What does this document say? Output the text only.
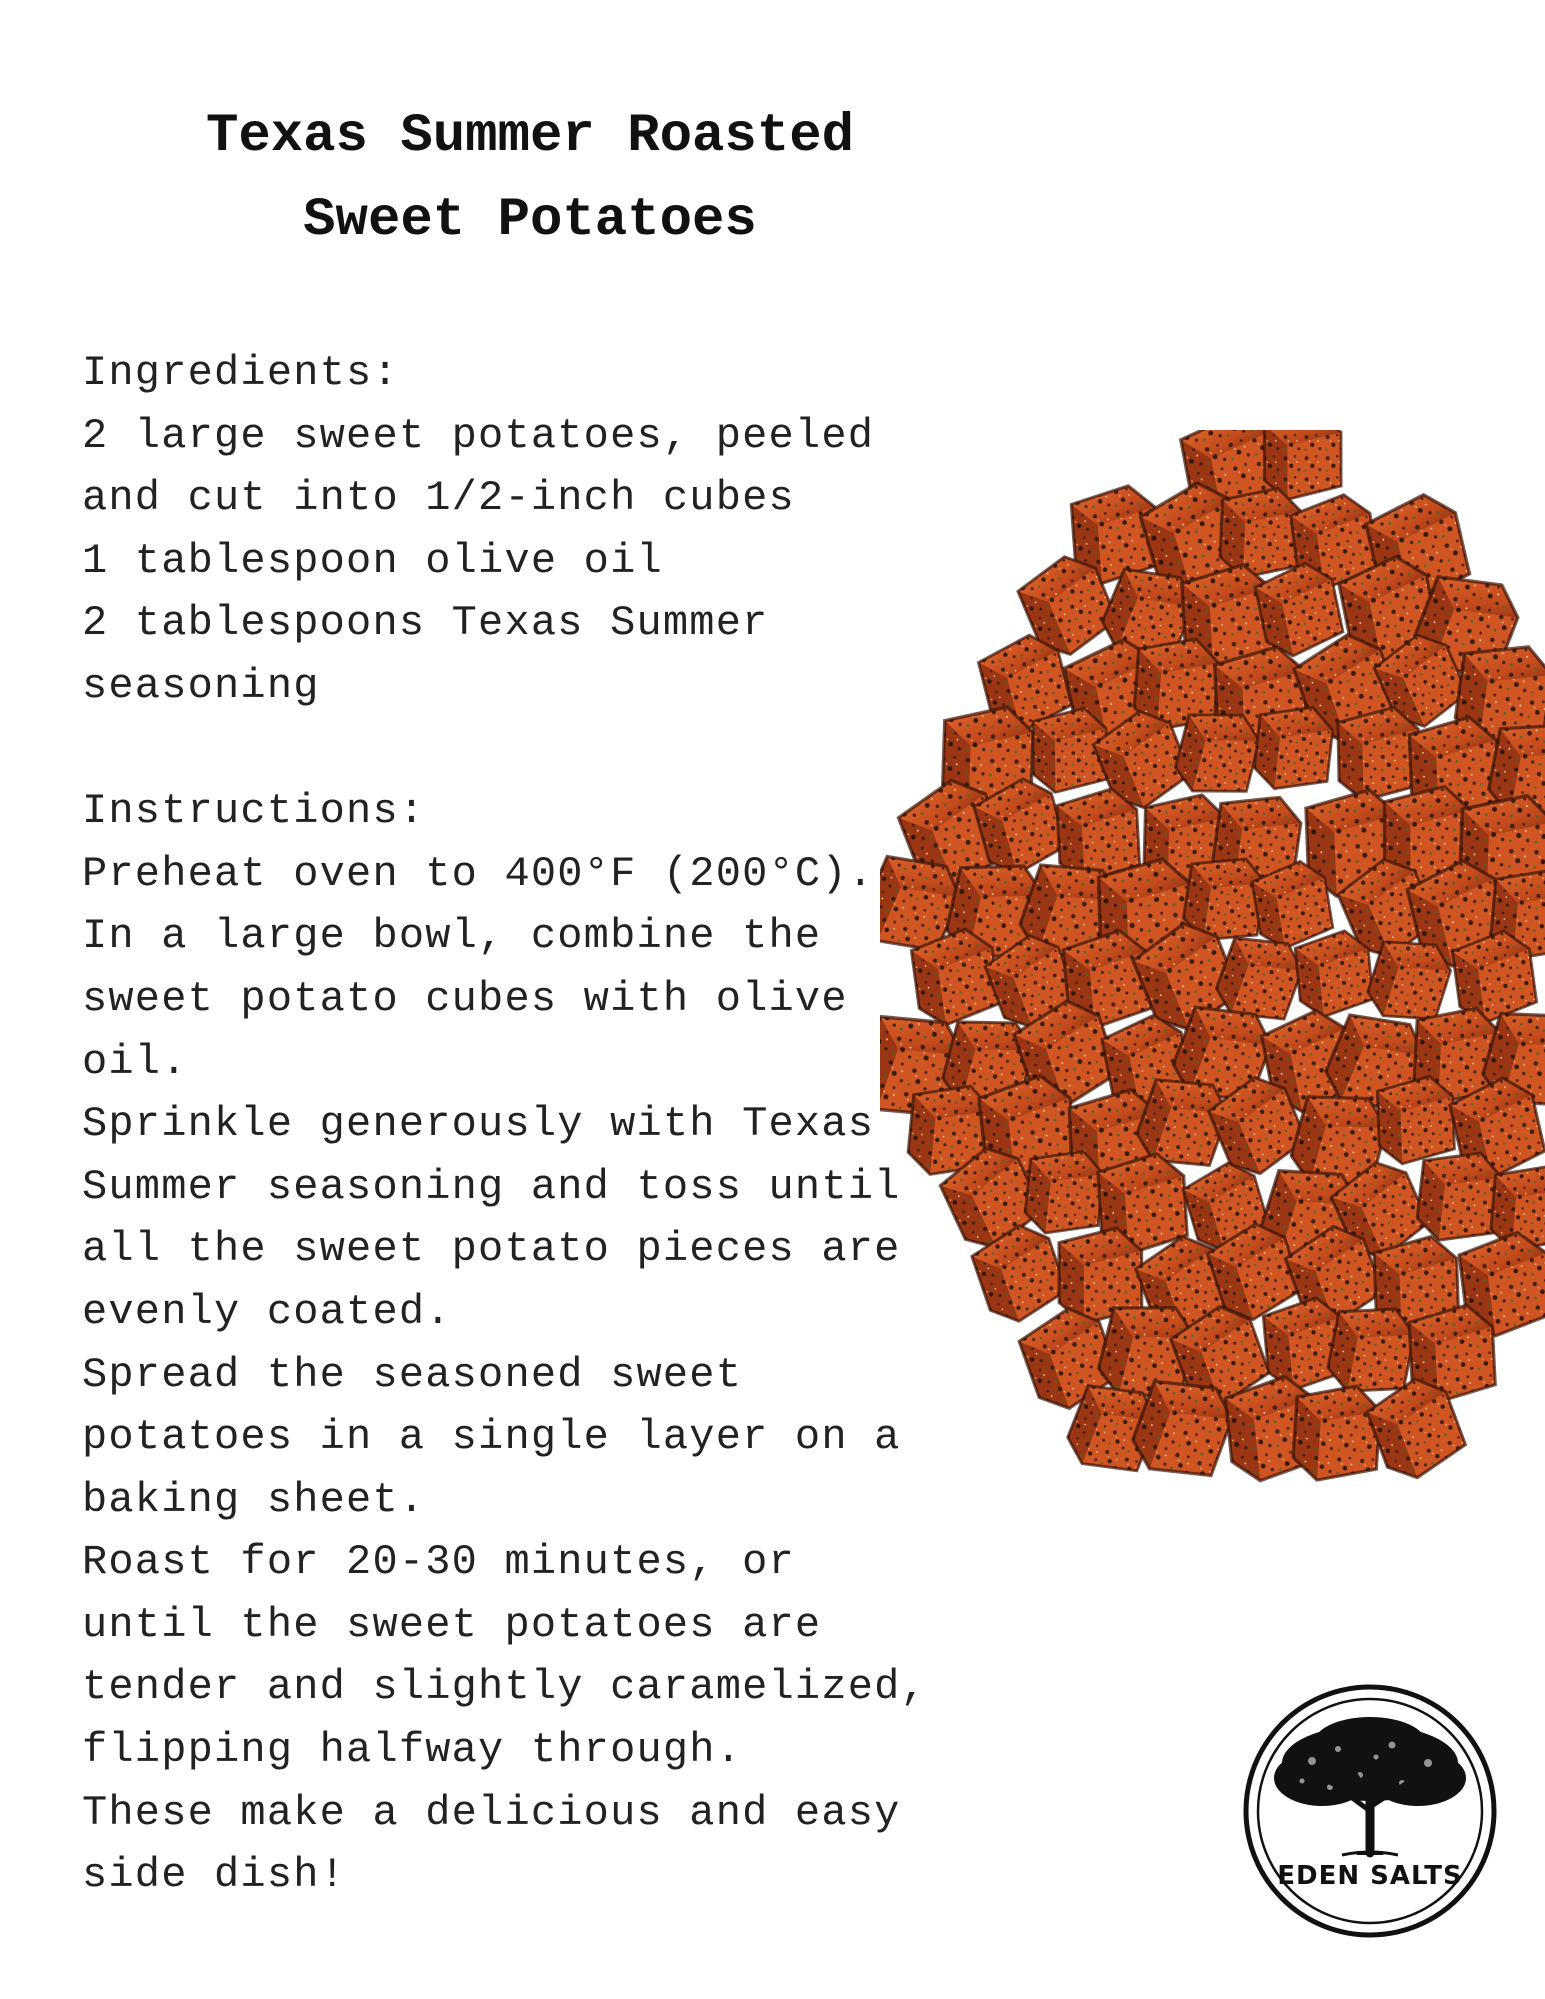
Texas Summer Roasted
Sweet Potatoes
Ingredients:
2 large sweet potatoes, peeled
and cut into 1/2-inch cubes
1 tablespoon olive oil
2 tablespoons Texas Summer
seasoning
Instructions:
Preheat oven to 400°F (200°C).
In a large bowl, combine the
sweet potato cubes with olive
oil.
Sprinkle generously with Texas
Summer seasoning and toss until
all the sweet potato pieces are
evenly coated.
Spread the seasoned sweet
potatoes in a single layer on a
baking sheet.
Roast for 20-30 minutes, or
until the sweet potatoes are
tender and slightly caramelized,
flipping halfway through.
These make a delicious and easy
side dish!	EDEN SALTS
